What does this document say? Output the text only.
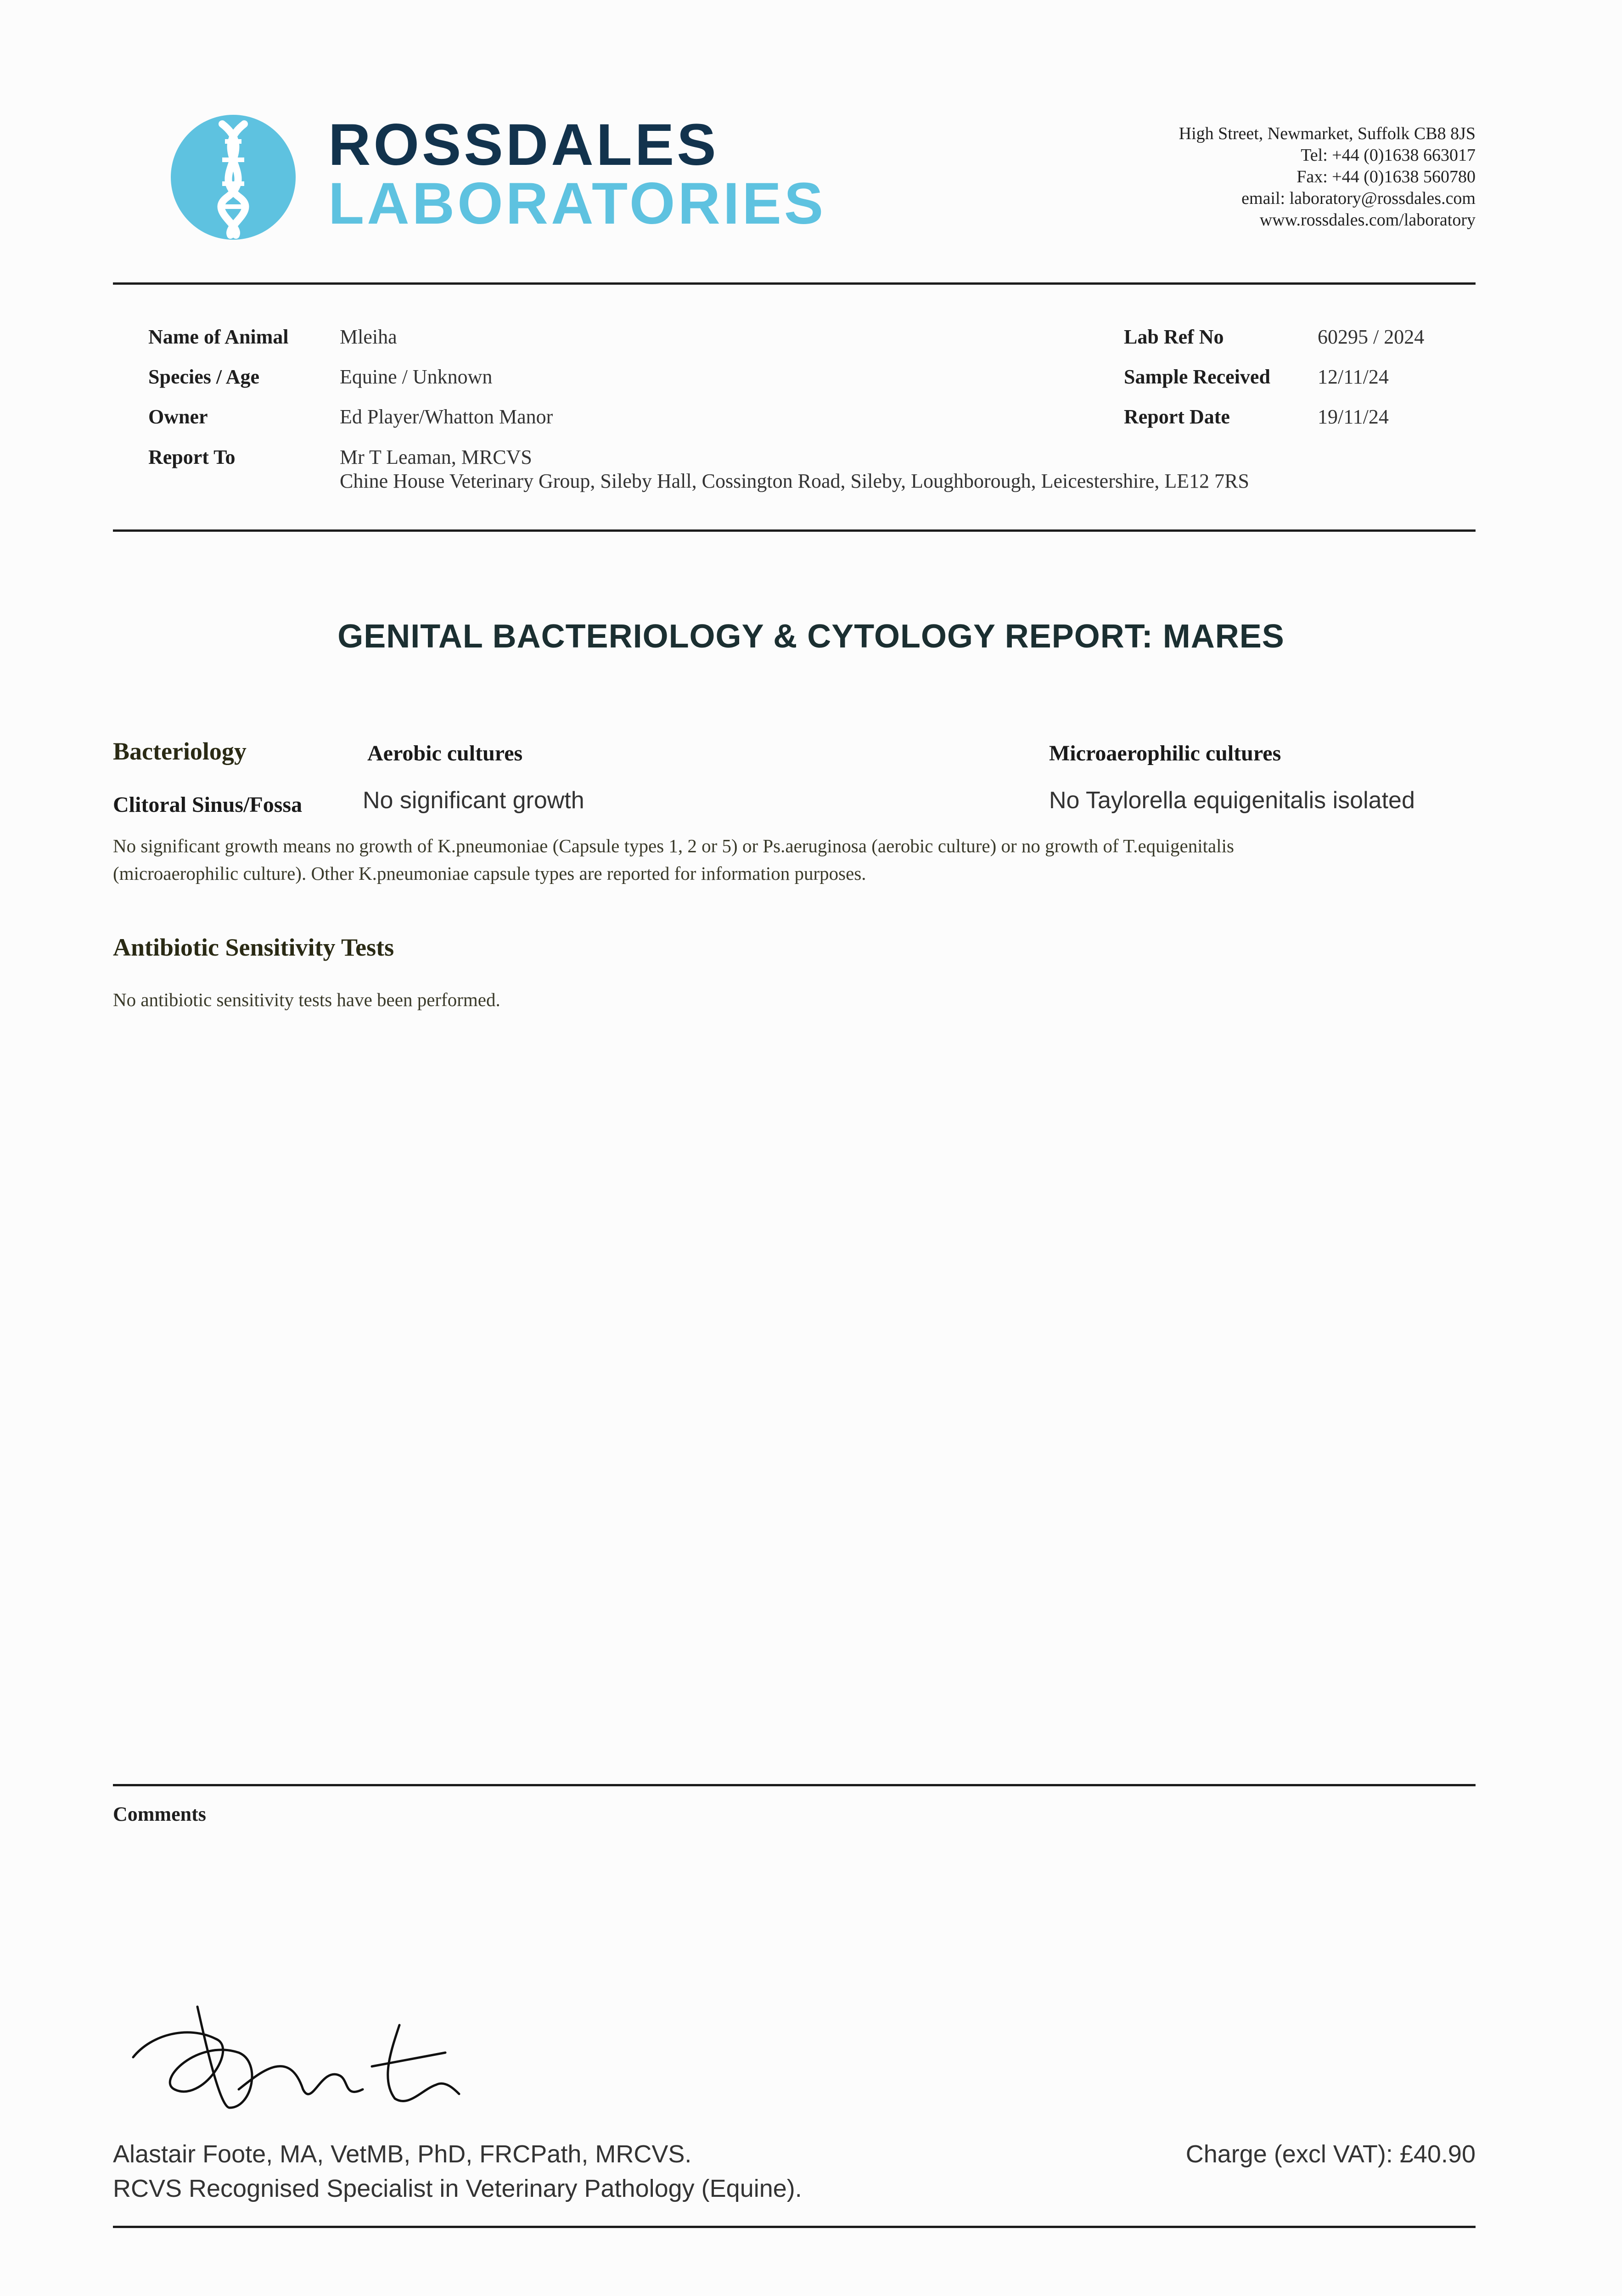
ROSSDALES
LABORATORIES
High Street, Newmarket, Suffolk CB8 8JS
Tel: +44 (0)1638 663017
Fax: +44 (0)1638 560780
email: laboratory@rossdales.com
www.rossdales.com/laboratory
Name of Animal	Mleiha
Species / Age	Equine / Unknown
Owner	Ed Player/Whatton Manor
Report To	Mr T Leaman, MRCVS
Chine House Veterinary Group, Sileby Hall, Cossington Road, Sileby, Loughborough, Leicestershire, LE12 7RS
Lab Ref No	60295 / 2024
Sample Received 12/11/24
Report Date	19/11/24
GENITAL BACTERIOLOGY & CYTOLOGY REPORT: MARES
Bacteriology	Aerobic cultures	Microaerophilic cultures
Clitoral Sinus/Fossa	No significant growth	No Taylorella equigenitalis isolated
No significant growth means no growth of K.pneumoniae (Capsule types 1, 2 or 5) or Ps.aeruginosa (aerobic culture) or no growth of T.equigenitalis
(microaerophilic culture). Other K.pneumoniae capsule types are reported for information purposes.
Antibiotic Sensitivity Tests
No antibiotic sensitivity tests have been performed.
Comments
Alastair Foote, MA, VetMB, PhD, FRCPath, MRCVS.
RCVS Recognised Specialist in Veterinary Pathology (Equine).
Charge (excl VAT): £40.90
